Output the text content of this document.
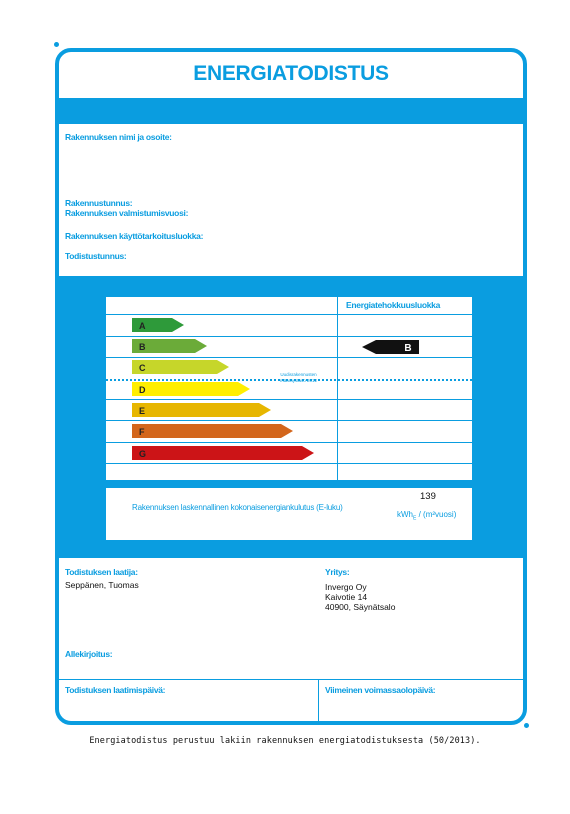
ENERGIATODISTUS
Rakennuksen nimi ja osoite:
Rakennustunnus:
Rakennuksen valmistumisvuosi:
Rakennuksen käyttötarkoitusluokka:
Todistustunnus:
Energiatehokkuusluokka
A
B
C
D
E
F
G
Uudisrakennusten
määräystaso 2012
B
Rakennuksen laskennallinen kokonaisenergiankulutus (E-luku)
139
kWh$_E$ / (m²vuosi)
Todistuksen laatija:
Seppänen, Tuomas
Yritys:
Invergo Oy
Kaivotie 14
40900, Säynätsalo
Allekirjoitus:
Todistuksen laatimispäivä:	Viimeinen voimassaolopäivä:
Energiatodistus perustuu lakiin rakennuksen energiatodistuksesta (50/2013).
